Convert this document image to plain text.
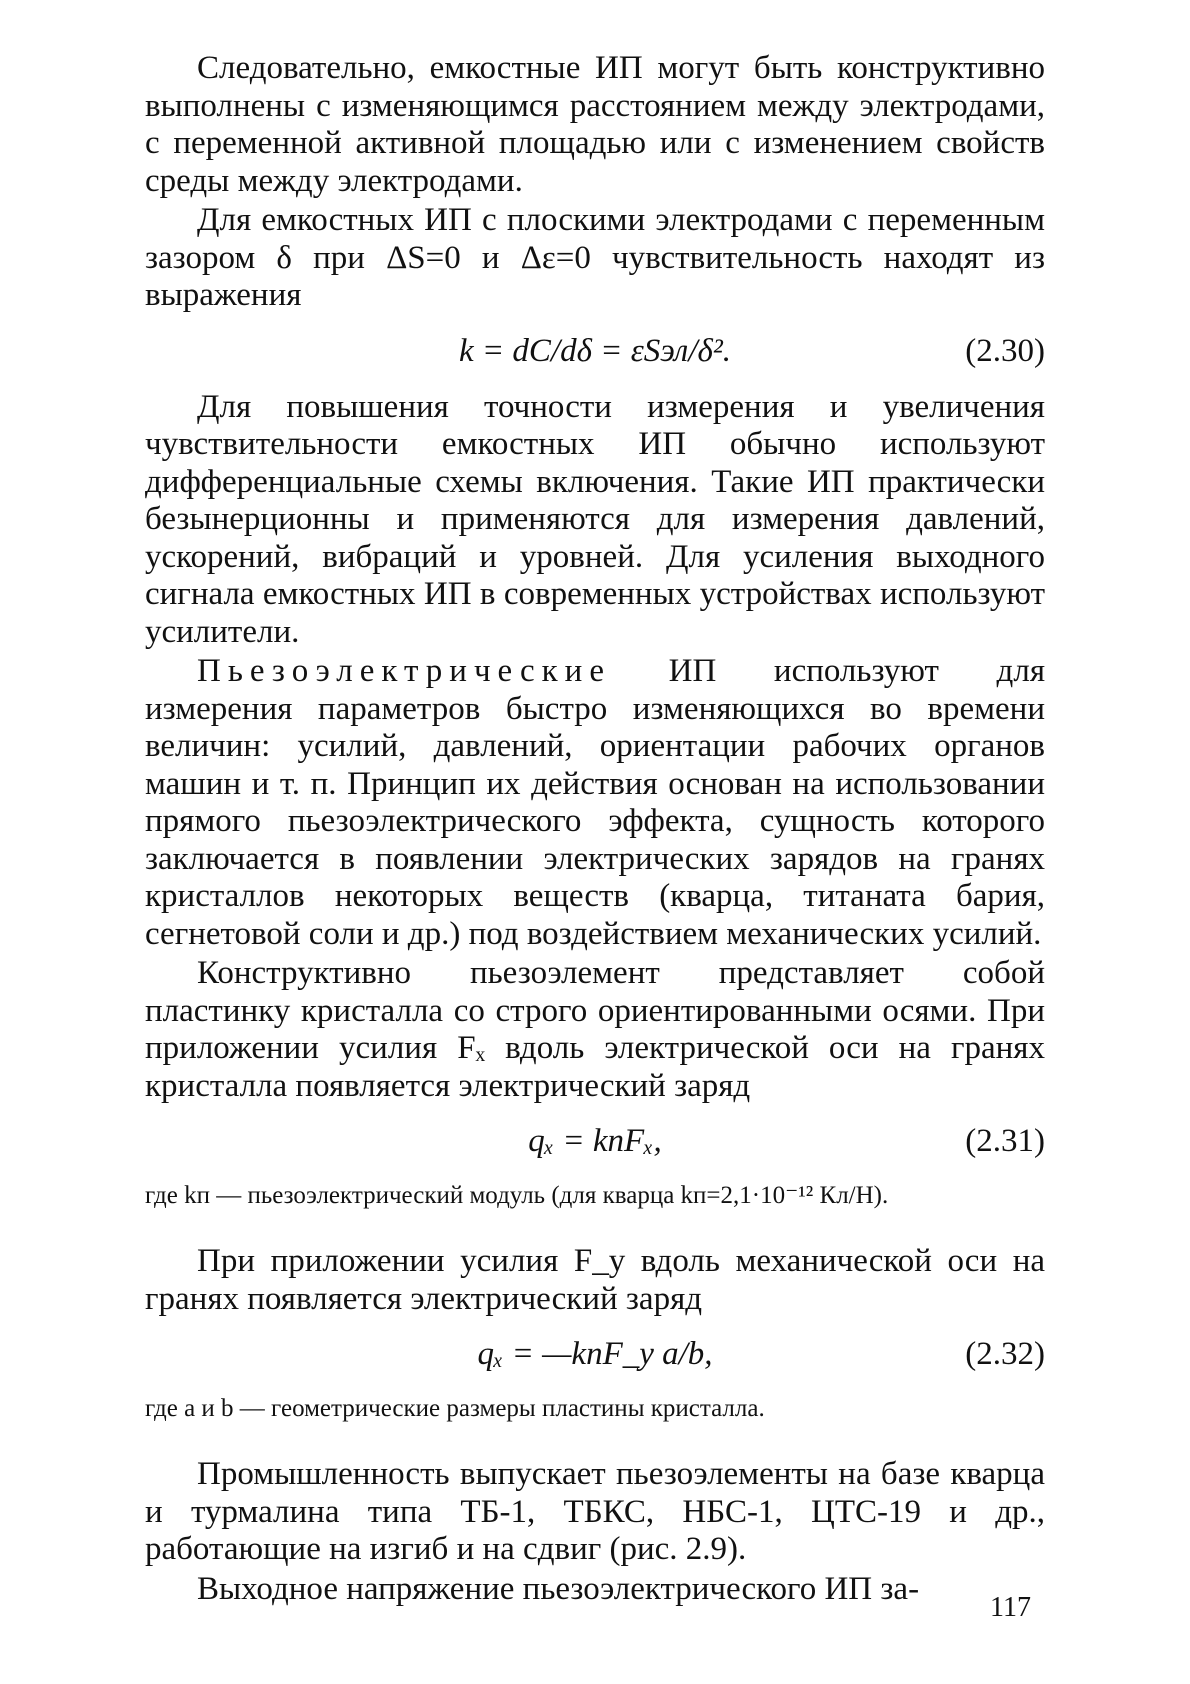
Следовательно, емкостные ИП могут быть конструктивно выполнены с изменяющимся расстоянием между электродами, с переменной активной площадью или с изменением свойств среды между электродами.

Для емкостных ИП с плоскими электродами с переменным зазором δ при ΔS=0 и Δε=0 чувствительность находят из выражения

k = dC/dδ = εSэл/δ².	(2.30)

Для повышения точности измерения и увеличения чувствительности емкостных ИП обычно используют дифференциальные схемы включения. Такие ИП практически безынерционны и применяются для измерения давлений, ускорений, вибраций и уровней. Для усиления выходного сигнала емкостных ИП в современных устройствах используют усилители.

Пьезоэлектрические ИП используют для измерения параметров быстро изменяющихся во времени величин: усилий, давлений, ориентации рабочих органов машин и т. п. Принцип их действия основан на использовании прямого пьезоэлектрического эффекта, сущность которого заключается в появлении электрических зарядов на гранях кристаллов некоторых веществ (кварца, титаната бария, сегнетовой соли и др.) под воздействием механических усилий.

Конструктивно пьезоэлемент представляет собой пластинку кристалла со строго ориентированными осями. При приложении усилия Fₓ вдоль электрической оси на гранях кристалла появляется электрический заряд

qₓ = kпFₓ,	(2.31)

где kп — пьезоэлектрический модуль (для кварца kп=2,1·10⁻¹² Кл/Н).

При приложении усилия F_y вдоль механической оси на гранях появляется электрический заряд

qₓ = —kпF_y a/b,	(2.32)

где a и b — геометрические размеры пластины кристалла.

Промышленность выпускает пьезоэлементы на базе кварца и турмалина типа ТБ-1, ТБКС, НБС-1, ЦТС-19 и др., работающие на изгиб и на сдвиг (рис. 2.9).

Выходное напряжение пьезоэлектрического ИП за-

117
